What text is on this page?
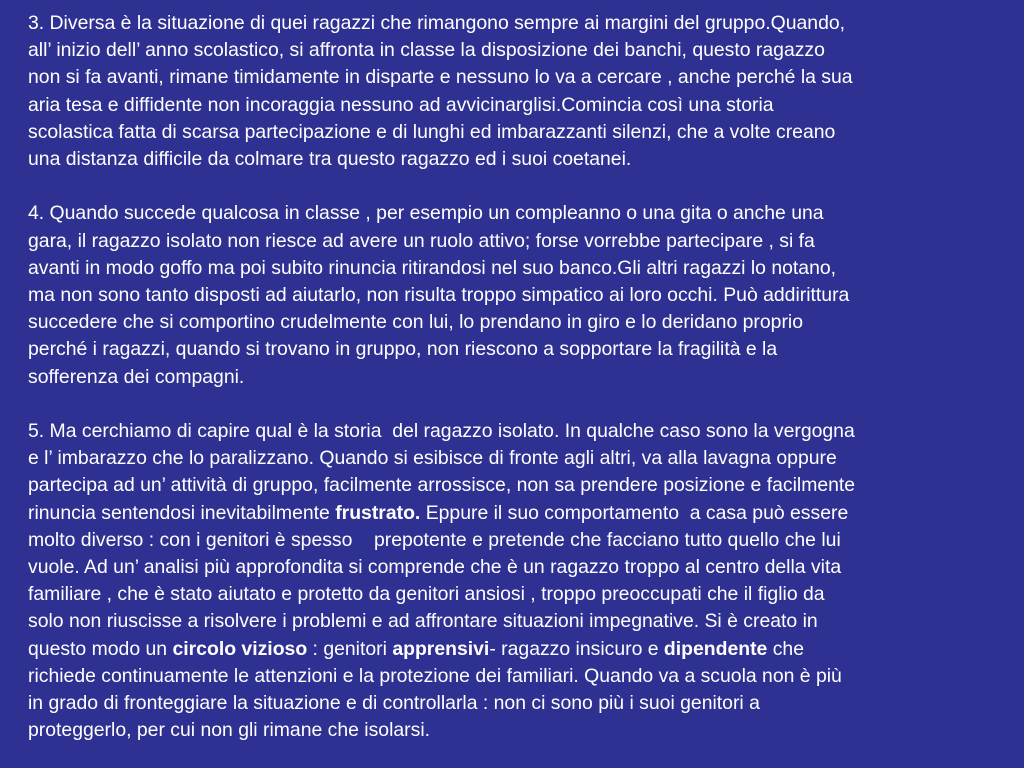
3. Diversa è la situazione di quei ragazzi che rimangono sempre ai margini del gruppo.Quando,
all’ inizio dell’ anno scolastico, si affronta in classe la disposizione dei banchi, questo ragazzo
non si fa avanti, rimane timidamente in disparte e nessuno lo va a cercare , anche perché la sua
aria tesa e diffidente non incoraggia nessuno ad avvicinarglisi.Comincia così una storia
scolastica fatta di scarsa partecipazione e di lunghi ed imbarazzanti silenzi, che a volte creano
una distanza difficile da colmare tra questo ragazzo ed i suoi coetanei.
4. Quando succede qualcosa in classe , per esempio un compleanno o una gita o anche una
gara, il ragazzo isolato non riesce ad avere un ruolo attivo; forse vorrebbe partecipare , si fa
avanti in modo goffo ma poi subito rinuncia ritirandosi nel suo banco.Gli altri ragazzi lo notano,
ma non sono tanto disposti ad aiutarlo, non risulta troppo simpatico ai loro occhi. Può addirittura
succedere che si comportino crudelmente con lui, lo prendano in giro e lo deridano proprio
perché i ragazzi, quando si trovano in gruppo, non riescono a sopportare la fragilità e la
sofferenza dei compagni.
5. Ma cerchiamo di capire qual è la storia  del ragazzo isolato. In qualche caso sono la vergogna
e l’ imbarazzo che lo paralizzano. Quando si esibisce di fronte agli altri, va alla lavagna oppure
partecipa ad un’ attività di gruppo, facilmente arrossisce, non sa prendere posizione e facilmente
rinuncia sentendosi inevitabilmente frustrato. Eppure il suo comportamento  a casa può essere
molto diverso : con i genitori è spesso    prepotente e pretende che facciano tutto quello che lui
vuole. Ad un’ analisi più approfondita si comprende che è un ragazzo troppo al centro della vita
familiare , che è stato aiutato e protetto da genitori ansiosi , troppo preoccupati che il figlio da
solo non riuscisse a risolvere i problemi e ad affrontare situazioni impegnative. Si è creato in
questo modo un circolo vizioso : genitori apprensivi- ragazzo insicuro e dipendente che
richiede continuamente le attenzioni e la protezione dei familiari. Quando va a scuola non è più
in grado di fronteggiare la situazione e di controllarla : non ci sono più i suoi genitori a
proteggerlo, per cui non gli rimane che isolarsi.
